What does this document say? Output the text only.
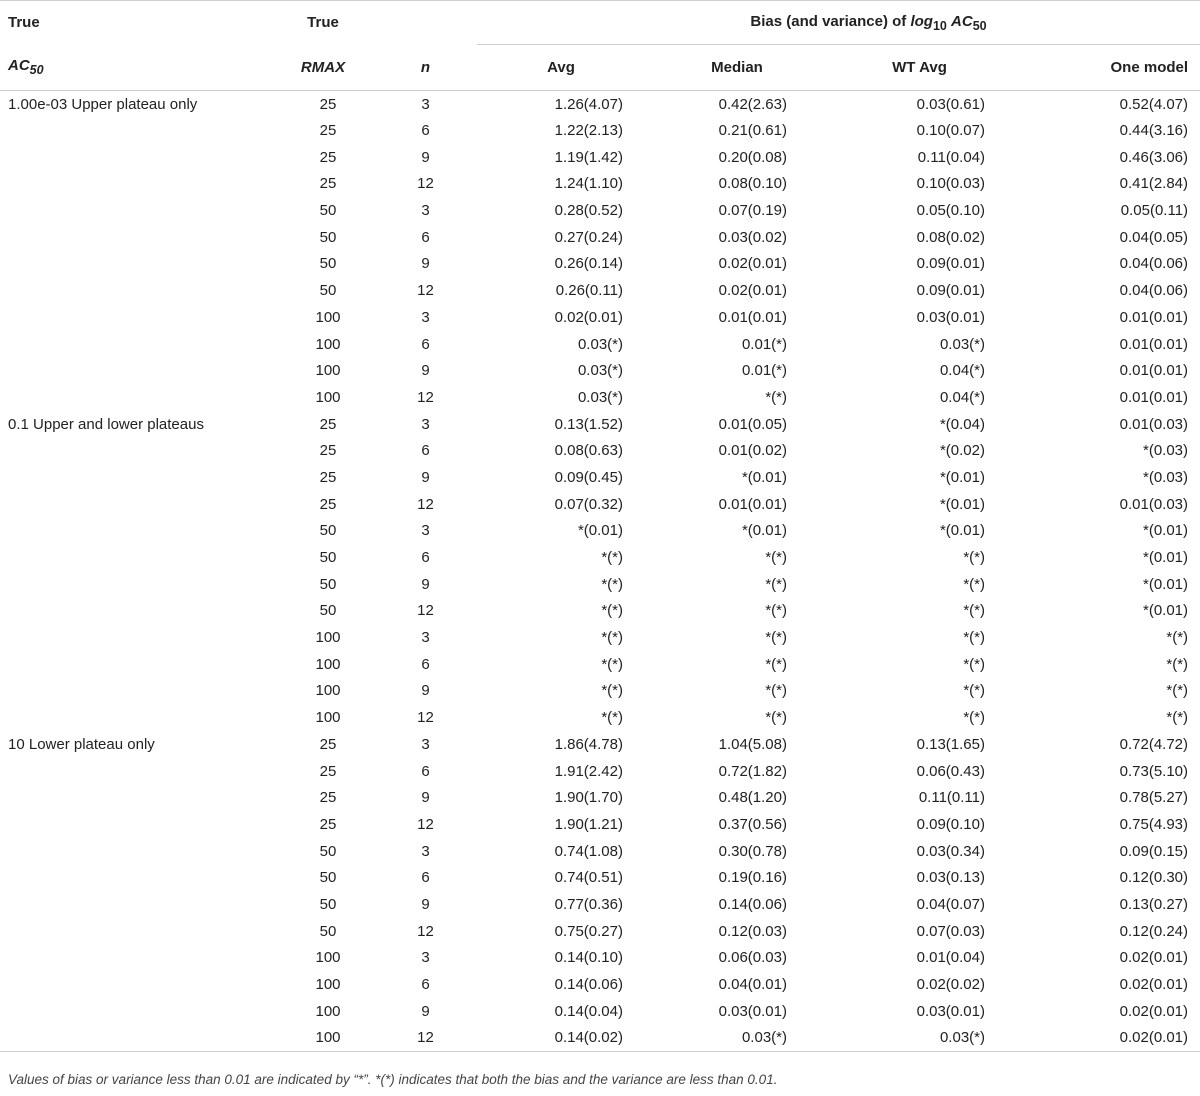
True	True		Bias (and variance) of $\log_{10} AC_{50}$
$AC_{50}$	RMAX	n	Avg	Median	WT Avg	One model
1.00e-03 Upper plateau only	25	3	1.26(4.07)	0.42(2.63)	0.03(0.61)	0.52(4.07)
	25	6	1.22(2.13)	0.21(0.61)	0.10(0.07)	0.44(3.16)
	25	9	1.19(1.42)	0.20(0.08)	0.11(0.04)	0.46(3.06)
	25	12	1.24(1.10)	0.08(0.10)	0.10(0.03)	0.41(2.84)
	50	3	0.28(0.52)	0.07(0.19)	0.05(0.10)	0.05(0.11)
	50	6	0.27(0.24)	0.03(0.02)	0.08(0.02)	0.04(0.05)
	50	9	0.26(0.14)	0.02(0.01)	0.09(0.01)	0.04(0.06)
	50	12	0.26(0.11)	0.02(0.01)	0.09(0.01)	0.04(0.06)
	100	3	0.02(0.01)	0.01(0.01)	0.03(0.01)	0.01(0.01)
	100	6	0.03(*)	0.01(*)	0.03(*)	0.01(0.01)
	100	9	0.03(*)	0.01(*)	0.04(*)	0.01(0.01)
	100	12	0.03(*)	*(*)	0.04(*)	0.01(0.01)
0.1 Upper and lower plateaus	25	3	0.13(1.52)	0.01(0.05)	*(0.04)	0.01(0.03)
	25	6	0.08(0.63)	0.01(0.02)	*(0.02)	*(0.03)
	25	9	0.09(0.45)	*(0.01)	*(0.01)	*(0.03)
	25	12	0.07(0.32)	0.01(0.01)	*(0.01)	0.01(0.03)
	50	3	*(0.01)	*(0.01)	*(0.01)	*(0.01)
	50	6	*(*)	*(*)	*(*)	*(0.01)
	50	9	*(*)	*(*)	*(*)	*(0.01)
	50	12	*(*)	*(*)	*(*)	*(0.01)
	100	3	*(*)	*(*)	*(*)	*(*)
	100	6	*(*)	*(*)	*(*)	*(*)
	100	9	*(*)	*(*)	*(*)	*(*)
	100	12	*(*)	*(*)	*(*)	*(*)
10 Lower plateau only	25	3	1.86(4.78)	1.04(5.08)	0.13(1.65)	0.72(4.72)
	25	6	1.91(2.42)	0.72(1.82)	0.06(0.43)	0.73(5.10)
	25	9	1.90(1.70)	0.48(1.20)	0.11(0.11)	0.78(5.27)
	25	12	1.90(1.21)	0.37(0.56)	0.09(0.10)	0.75(4.93)
	50	3	0.74(1.08)	0.30(0.78)	0.03(0.34)	0.09(0.15)
	50	6	0.74(0.51)	0.19(0.16)	0.03(0.13)	0.12(0.30)
	50	9	0.77(0.36)	0.14(0.06)	0.04(0.07)	0.13(0.27)
	50	12	0.75(0.27)	0.12(0.03)	0.07(0.03)	0.12(0.24)
	100	3	0.14(0.10)	0.06(0.03)	0.01(0.04)	0.02(0.01)
	100	6	0.14(0.06)	0.04(0.01)	0.02(0.02)	0.02(0.01)
	100	9	0.14(0.04)	0.03(0.01)	0.03(0.01)	0.02(0.01)
	100	12	0.14(0.02)	0.03(*)	0.03(*)	0.02(0.01)
Values of bias or variance less than 0.01 are indicated by “*”. *(*) indicates that both the bias and the variance are less than 0.01.
